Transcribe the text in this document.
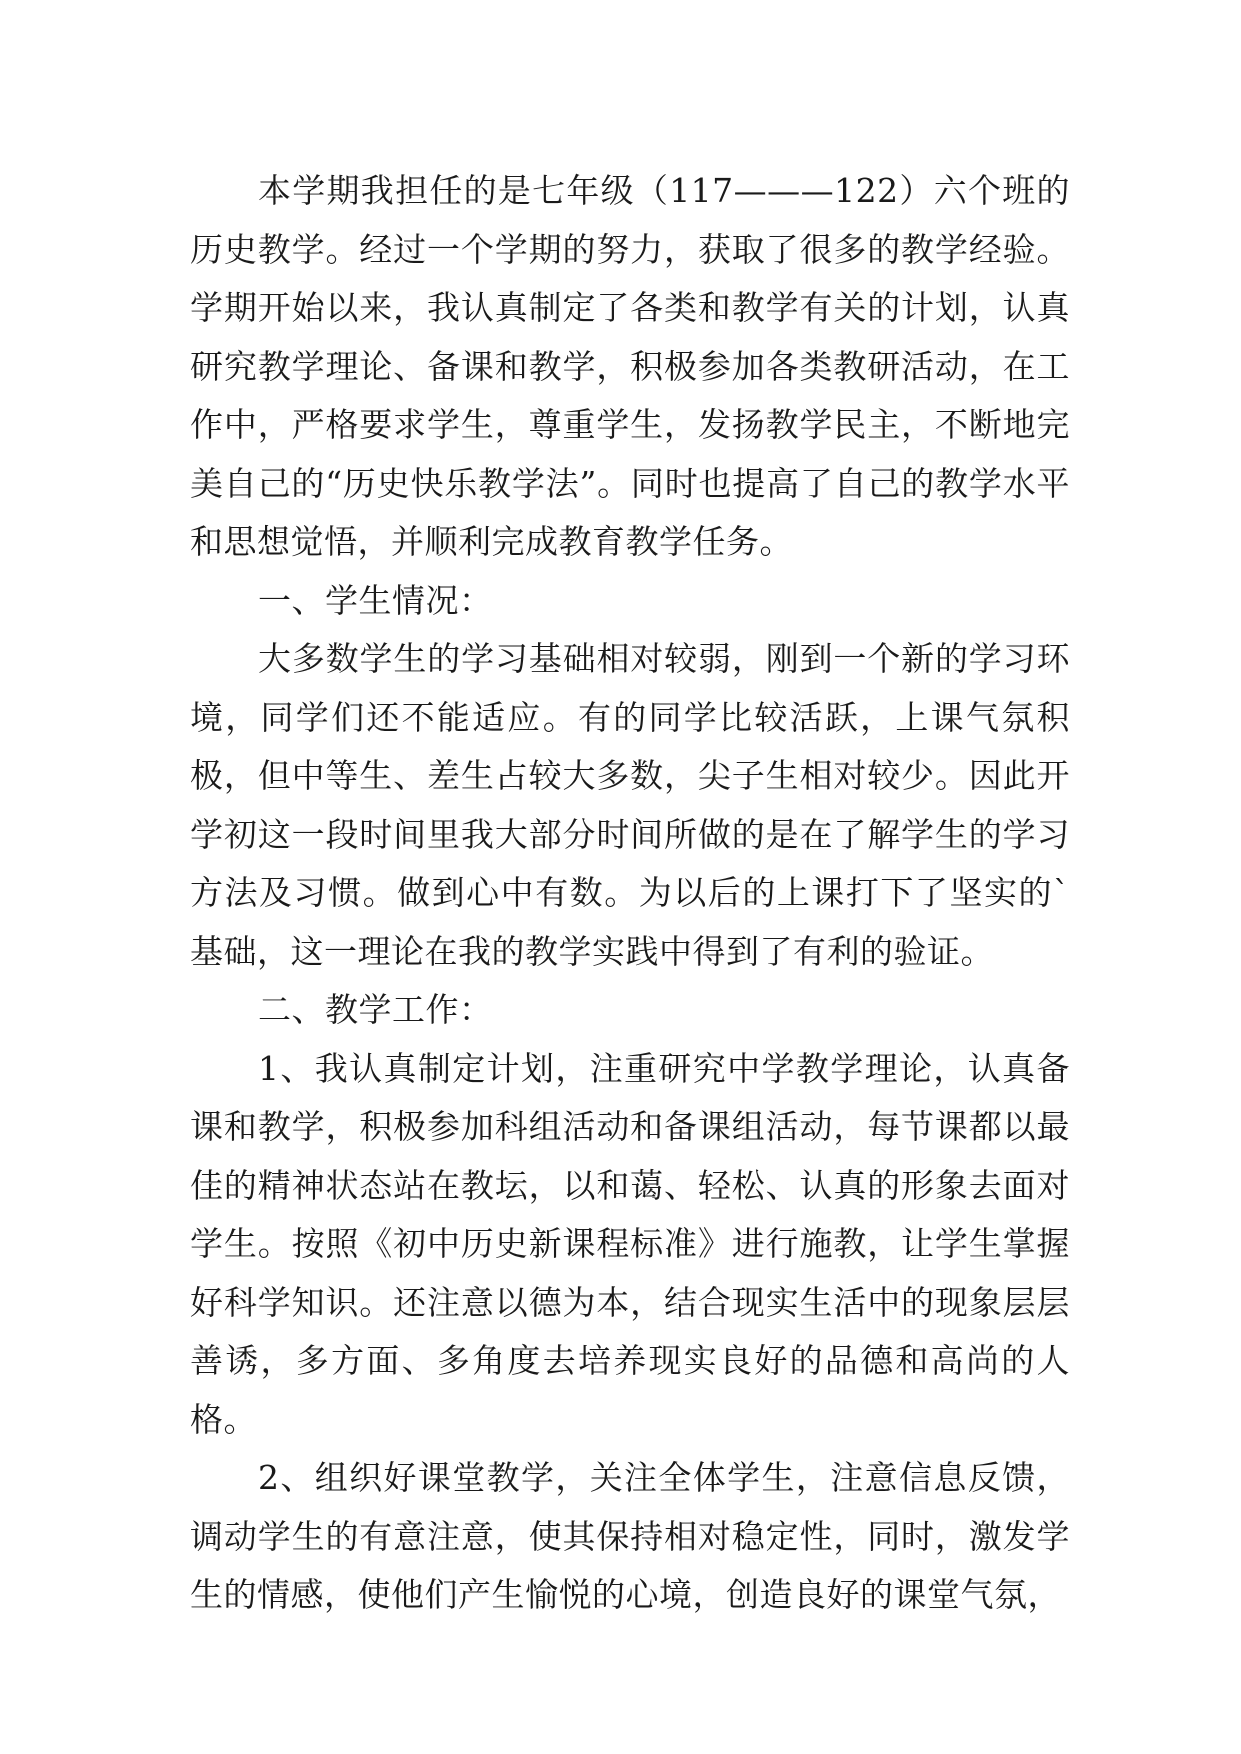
本学期我担任的是七年级（117———122）六个班的历史教学。经过一个学期的努力，获取了很多的教学经验。学期开始以来，我认真制定了各类和教学有关的计划，认真研究教学理论、备课和教学，积极参加各类教研活动，在工作中，严格要求学生，尊重学生，发扬教学民主，不断地完美自己的“历史快乐教学法”。同时也提高了自己的教学水平和思想觉悟，并顺利完成教育教学任务。

一、学生情况：

大多数学生的学习基础相对较弱，刚到一个新的学习环境，同学们还不能适应。有的同学比较活跃，上课气氛积极，但中等生、差生占较大多数，尖子生相对较少。因此开学初这一段时间里我大部分时间所做的是在了解学生的学习方法及习惯。做到心中有数。为以后的上课打下了坚实的`基础，这一理论在我的教学实践中得到了有利的验证。

二、教学工作：

1、我认真制定计划，注重研究中学教学理论，认真备课和教学，积极参加科组活动和备课组活动，每节课都以最佳的精神状态站在教坛，以和蔼、轻松、认真的形象去面对学生。按照《初中历史新课程标准》进行施教，让学生掌握好科学知识。还注意以德为本，结合现实生活中的现象层层善诱，多方面、多角度去培养现实良好的品德和高尚的人格。

2、组织好课堂教学，关注全体学生，注意信息反馈，调动学生的有意注意，使其保持相对稳定性，同时，激发学生的情感，使他们产生愉悦的心境，创造良好的课堂气氛，
